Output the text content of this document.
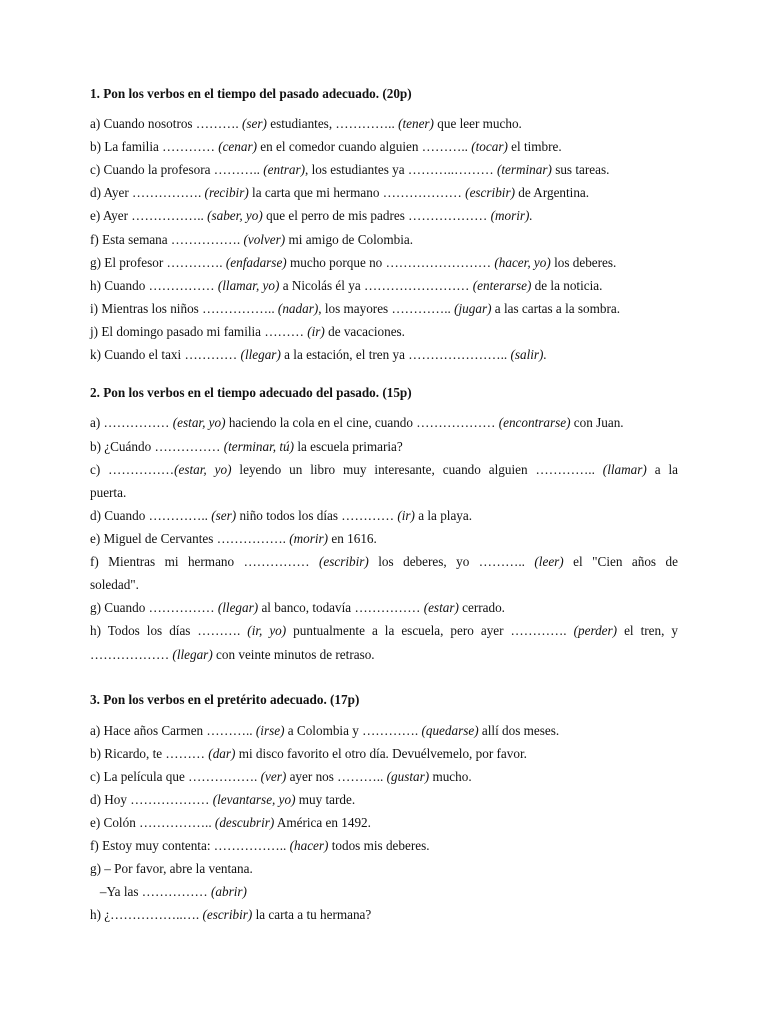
1. Pon los verbos en el tiempo del pasado adecuado. (20p)
a) Cuando nosotros ………. (ser) estudiantes, ………….. (tener) que leer mucho.
b) La familia ………… (cenar) en el comedor cuando alguien ……….. (tocar) el timbre.
c) Cuando la profesora ……….. (entrar), los estudiantes ya ………..……… (terminar) sus tareas.
d) Ayer ……………. (recibir) la carta que mi hermano ……………… (escribir) de Argentina.
e) Ayer …………….. (saber, yo) que el perro de mis padres ……………… (morir).
f) Esta semana ……………. (volver) mi amigo de Colombia.
g) El profesor …………. (enfadarse) mucho porque no …………………… (hacer, yo) los deberes.
h) Cuando …………… (llamar, yo) a Nicolás él ya …………………… (enterarse) de la noticia.
i) Mientras los niños …………….. (nadar), los mayores ………….. (jugar) a las cartas a la sombra.
j) El domingo pasado mi familia ……… (ir) de vacaciones.
k) Cuando el taxi ………… (llegar) a la estación, el tren ya ………………….. (salir).
2. Pon los verbos en el tiempo adecuado del pasado. (15p)
a) …………… (estar, yo) haciendo la cola en el cine, cuando ……………… (encontrarse) con Juan.
b) ¿Cuándo …………… (terminar, tú) la escuela primaria?
c) ……………(estar, yo) leyendo un libro muy interesante, cuando alguien ………….. (llamar) a la
puerta.
d) Cuando ………….. (ser) niño todos los días ………… (ir) a la playa.
e) Miguel de Cervantes ……………. (morir) en 1616.
f) Mientras mi hermano …………… (escribir) los deberes, yo ……….. (leer) el "Cien años de
soledad".
g) Cuando …………… (llegar) al banco, todavía …………… (estar) cerrado.
h) Todos los días ………. (ir, yo) puntualmente a la escuela, pero ayer …………. (perder) el tren, y
……………… (llegar) con veinte minutos de retraso.
3. Pon los verbos en el pretérito adecuado. (17p)
a) Hace años Carmen ……….. (irse) a Colombia y …………. (quedarse) allí dos meses.
b) Ricardo, te ……… (dar) mi disco favorito el otro día. Devuélvemelo, por favor.
c) La película que ……………. (ver) ayer nos ……….. (gustar) mucho.
d) Hoy ……………… (levantarse, yo) muy tarde.
e) Colón …………….. (descubrir) América en 1492.
f) Estoy muy contenta: …………….. (hacer) todos mis deberes.
g) – Por favor, abre la ventana.
–Ya las …………… (abrir)
h) ¿……………..…. (escribir) la carta a tu hermana?
